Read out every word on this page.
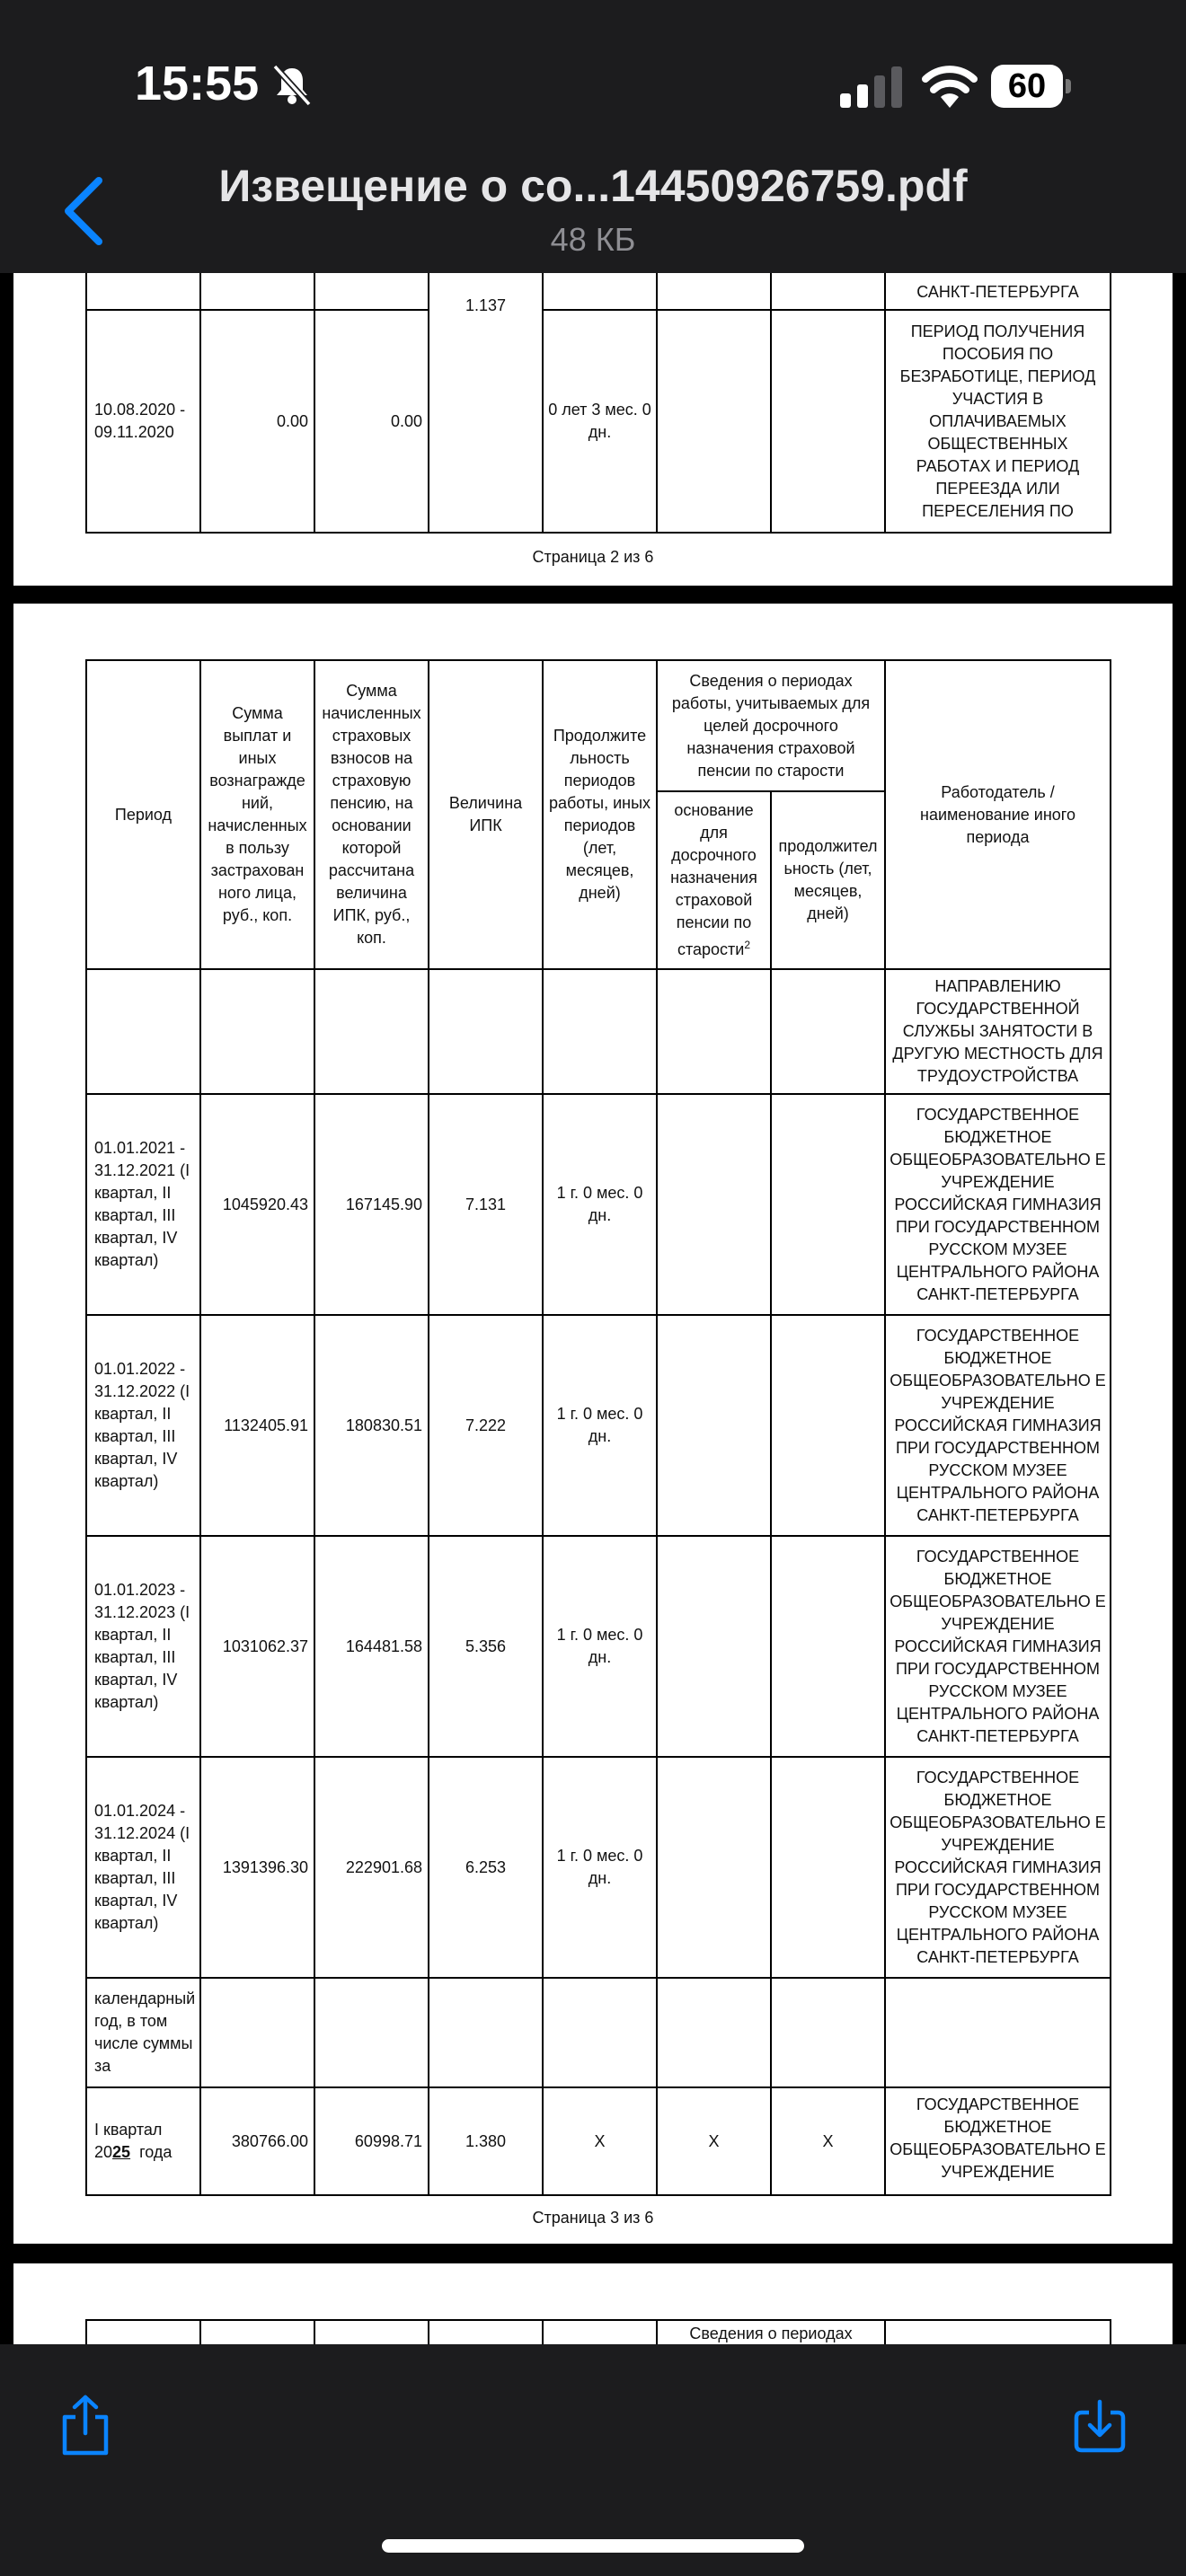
15:55	60
Извещение о со...14450926759.pdf
48 КБ
			1.137				САНКТ-ПЕТЕРБУРГА
10.08.2020 - 09.11.2020	0.00	0.00		0 лет 3 мес. 0 дн.			ПЕРИОД ПОЛУЧЕНИЯ ПОСОБИЯ ПО БЕЗРАБОТИЦЕ, ПЕРИОД УЧАСТИЯ В ОПЛАЧИВАЕМЫХ ОБЩЕСТВЕННЫХ РАБОТАХ И ПЕРИОД ПЕРЕЕЗДА ИЛИ ПЕРЕСЕЛЕНИЯ ПО
Страница 2 из 6
Период	Сумма выплат и иных вознагражде ний, начисленных в пользу застрахован ного лица, руб., коп.	Сумма начисленных страховых взносов на страховую пенсию, на основании которой рассчитана величина ИПК, руб., коп.	Величина ИПК	Продолжите льность периодов работы, иных периодов (лет, месяцев, дней)	Сведения о периодах работы, учитываемых для целей досрочного назначения страховой пенсии по старости		Работодатель / наименование иного периода
					основание для досрочного назначения страховой пенсии по старости$^2$	продолжител ьность (лет, месяцев, дней)	
							НАПРАВЛЕНИЮ ГОСУДАРСТВЕННОЙ СЛУЖБЫ ЗАНЯТОСТИ В ДРУГУЮ МЕСТНОСТЬ ДЛЯ ТРУДОУСТРОЙСТВА
01.01.2021 - 31.12.2021 (I квартал, II квартал, III квартал, IV квартал)	1045920.43	167145.90	7.131	1 г. 0 мес. 0 дн.			ГОСУДАРСТВЕННОЕ БЮДЖЕТНОЕ ОБЩЕОБРАЗОВАТЕЛЬНО Е УЧРЕЖДЕНИЕ РОССИЙСКАЯ ГИМНАЗИЯ ПРИ ГОСУДАРСТВЕННОМ РУССКОМ МУЗЕЕ ЦЕНТРАЛЬНОГО РАЙОНА САНКТ-ПЕТЕРБУРГА
01.01.2022 - 31.12.2022 (I квартал, II квартал, III квартал, IV квартал)	1132405.91	180830.51	7.222	1 г. 0 мес. 0 дн.			ГОСУДАРСТВЕННОЕ БЮДЖЕТНОЕ ОБЩЕОБРАЗОВАТЕЛЬНО Е УЧРЕЖДЕНИЕ РОССИЙСКАЯ ГИМНАЗИЯ ПРИ ГОСУДАРСТВЕННОМ РУССКОМ МУЗЕЕ ЦЕНТРАЛЬНОГО РАЙОНА САНКТ-ПЕТЕРБУРГА
01.01.2023 - 31.12.2023 (I квартал, II квартал, III квартал, IV квартал)	1031062.37	164481.58	5.356	1 г. 0 мес. 0 дн.			ГОСУДАРСТВЕННОЕ БЮДЖЕТНОЕ ОБЩЕОБРАЗОВАТЕЛЬНО Е УЧРЕЖДЕНИЕ РОССИЙСКАЯ ГИМНАЗИЯ ПРИ ГОСУДАРСТВЕННОМ РУССКОМ МУЗЕЕ ЦЕНТРАЛЬНОГО РАЙОНА САНКТ-ПЕТЕРБУРГА
01.01.2024 - 31.12.2024 (I квартал, II квартал, III квартал, IV квартал)	1391396.30	222901.68	6.253	1 г. 0 мес. 0 дн.			ГОСУДАРСТВЕННОЕ БЮДЖЕТНОЕ ОБЩЕОБРАЗОВАТЕЛЬНО Е УЧРЕЖДЕНИЕ РОССИЙСКАЯ ГИМНАЗИЯ ПРИ ГОСУДАРСТВЕННОМ РУССКОМ МУЗЕЕ ЦЕНТРАЛЬНОГО РАЙОНА САНКТ-ПЕТЕРБУРГА
календарный год, в том числе суммы за							
I квартал 2025 года	380766.00	60998.71	1.380	Х	Х	Х	ГОСУДАРСТВЕННОЕ БЮДЖЕТНОЕ ОБЩЕОБРАЗОВАТЕЛЬНО Е УЧРЕЖДЕНИЕ
Страница 3 из 6
					Сведения о периодах	
